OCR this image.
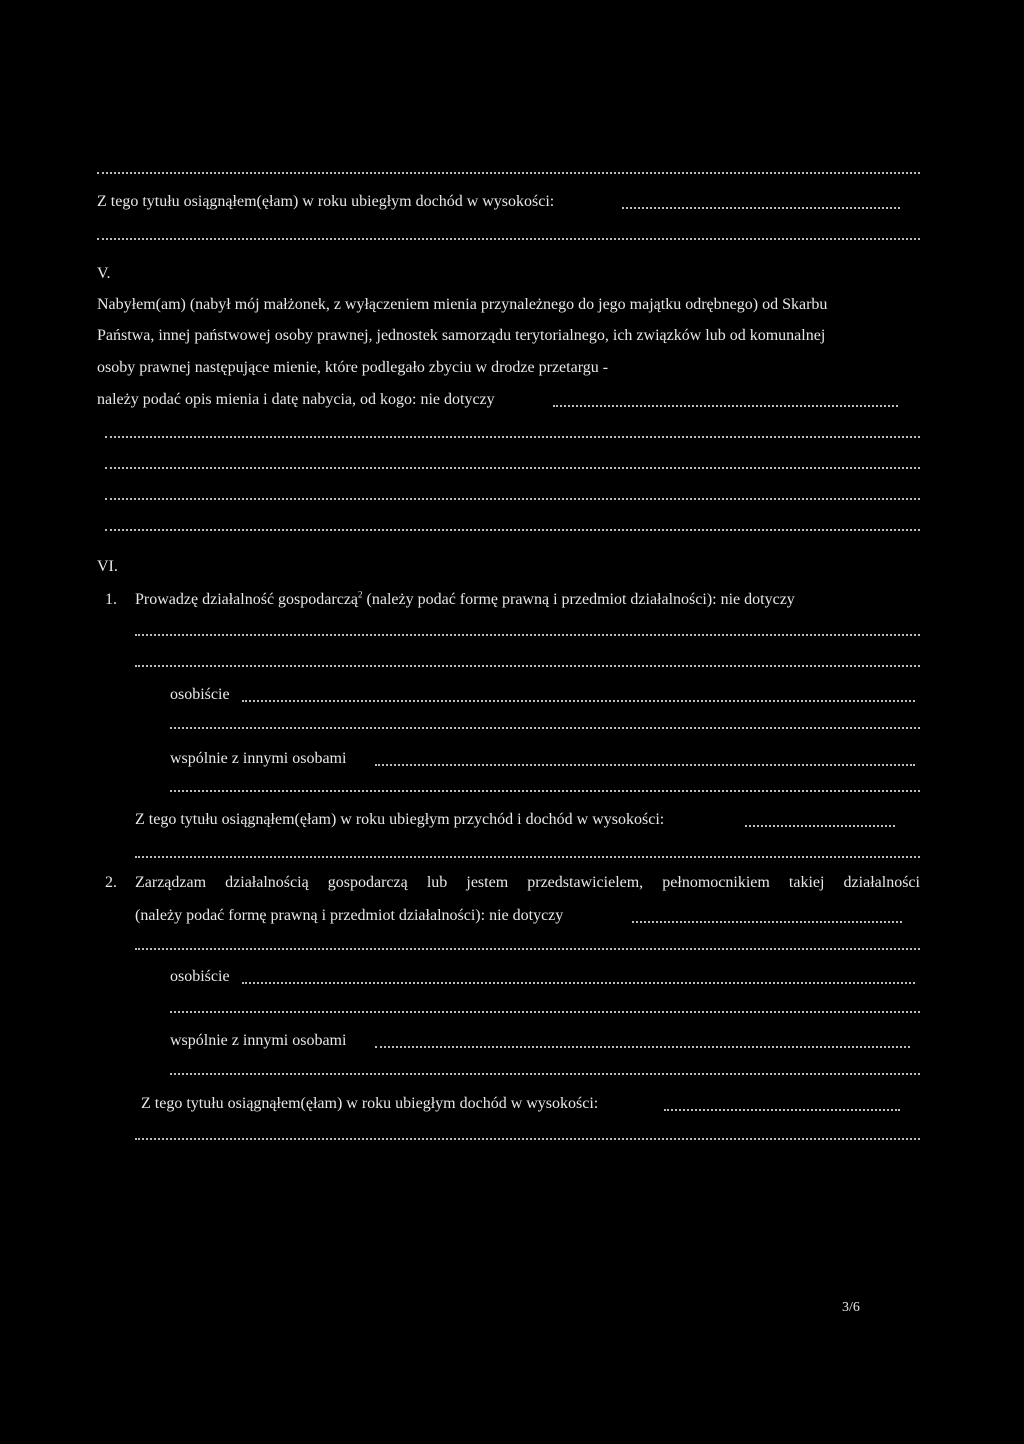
Z tego tytułu osiągnąłem(ęłam) w roku ubiegłym dochód w wysokości:
V.
Nabyłem(am) (nabył mój małżonek, z wyłączeniem mienia przynależnego do jego majątku odrębnego) od Skarbu
Państwa, innej państwowej osoby prawnej, jednostek samorządu terytorialnego, ich związków lub od komunalnej
osoby prawnej następujące mienie, które podlegało zbyciu w drodze przetargu -
należy podać opis mienia i datę nabycia, od kogo: nie dotyczy
VI.
1. Prowadzę działalność gospodarczą$^2$ (należy podać formę prawną i przedmiot działalności): nie dotyczy
osobiście
wspólnie z innymi osobami
Z tego tytułu osiągnąłem(ęłam) w roku ubiegłym przychód i dochód w wysokości:
2. Zarządzam działalnością gospodarczą lub jestem przedstawicielem, pełnomocnikiem takiej działalności
(należy podać formę prawną i przedmiot działalności): nie dotyczy
osobiście
wspólnie z innymi osobami
Z tego tytułu osiągnąłem(ęłam) w roku ubiegłym dochód w wysokości:
3/6
